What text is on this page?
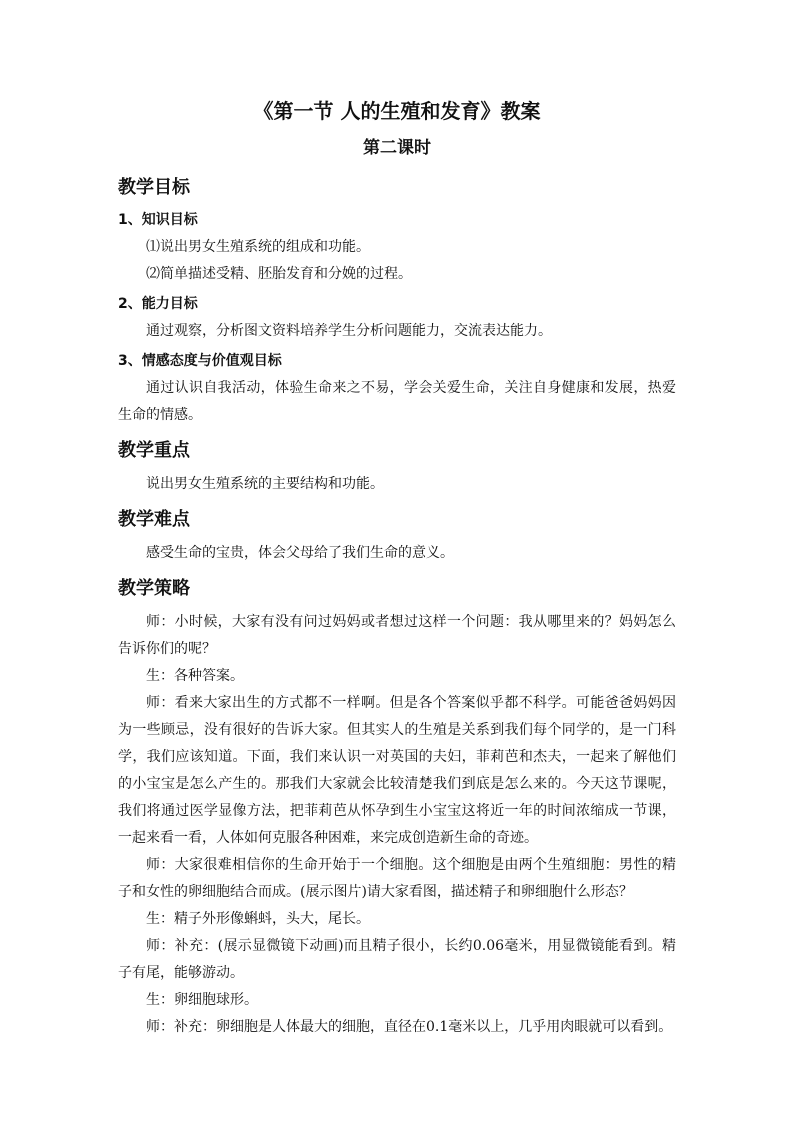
《第一节 人的生殖和发育》教案
第二课时
教学目标
1、知识目标

⑴说出男女生殖系统的组成和功能。

⑵简单描述受精、胚胎发育和分娩的过程。

2、能力目标

通过观察，分析图文资料培养学生分析问题能力，交流表达能力。

3、情感态度与价值观目标

通过认识自我活动，体验生命来之不易，学会关爱生命，关注自身健康和发展，热爱生命的情感。

教学重点

说出男女生殖系统的主要结构和功能。

教学难点

感受生命的宝贵，体会父母给了我们生命的意义。

教学策略

师：小时候，大家有没有问过妈妈或者想过这样一个问题：我从哪里来的？妈妈怎么告诉你们的呢？

生：各种答案。

师：看来大家出生的方式都不一样啊。但是各个答案似乎都不科学。可能爸爸妈妈因为一些顾忌，没有很好的告诉大家。但其实人的生殖是关系到我们每个同学的，是一门科学，我们应该知道。下面，我们来认识一对英国的夫妇，菲莉芭和杰夫，一起来了解他们的小宝宝是怎么产生的。那我们大家就会比较清楚我们到底是怎么来的。今天这节课呢，我们将通过医学显像方法，把菲莉芭从怀孕到生小宝宝这将近一年的时间浓缩成一节课，一起来看一看，人体如何克服各种困难，来完成创造新生命的奇迹。

师：大家很难相信你的生命开始于一个细胞。这个细胞是由两个生殖细胞：男性的精子和女性的卵细胞结合而成。(展示图片)请大家看图，描述精子和卵细胞什么形态？

生：精子外形像蝌蚪，头大，尾长。

师：补充：(展示显微镜下动画)而且精子很小，长约0.06毫米，用显微镜能看到。精子有尾，能够游动。

生：卵细胞球形。

师：补充：卵细胞是人体最大的细胞，直径在0.1毫米以上，几乎用肉眼就可以看到。
